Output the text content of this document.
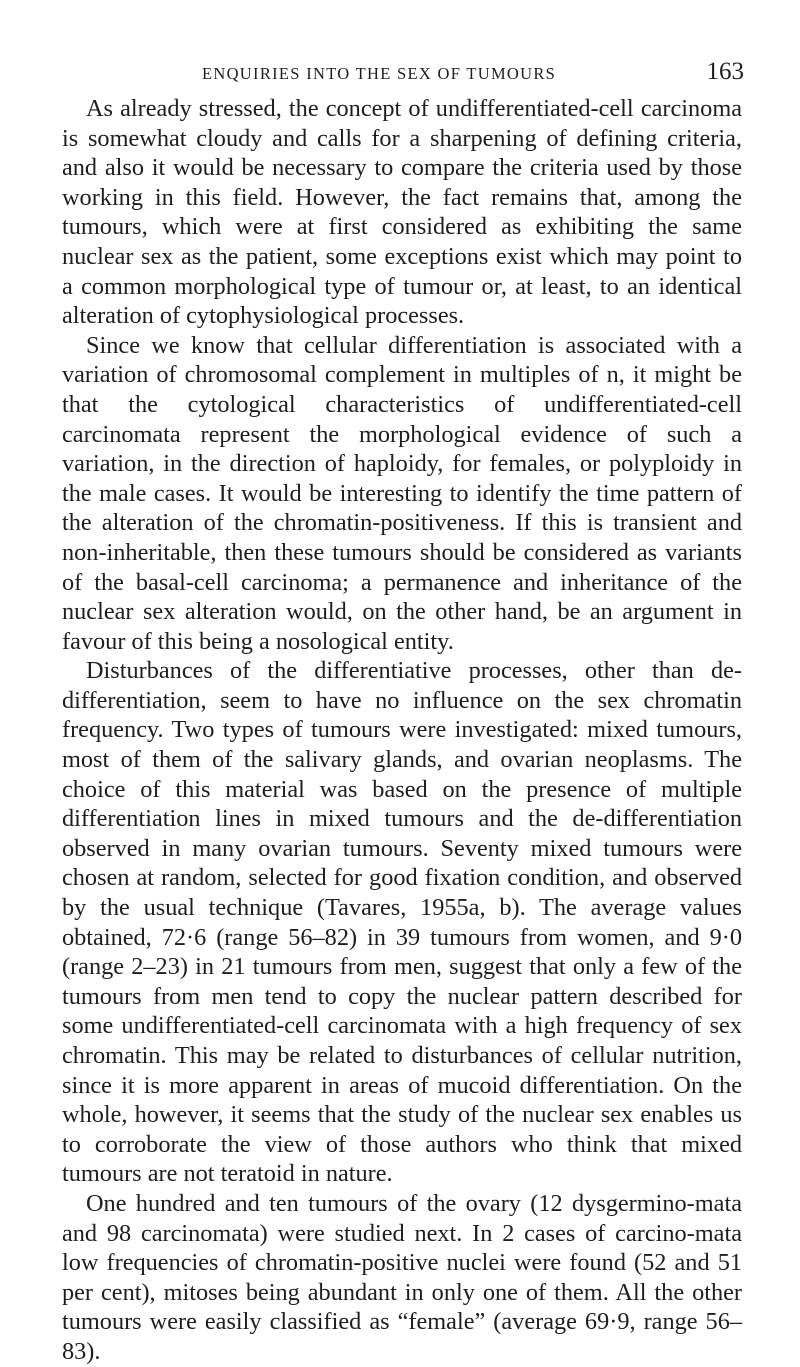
ENQUIRIES INTO THE SEX OF TUMOURS	163

As already stressed, the concept of undifferentiated-cell carcinoma is somewhat cloudy and calls for a sharpening of defining criteria, and also it would be necessary to compare the criteria used by those working in this field. However, the fact remains that, among the tumours, which were at first considered as exhibiting the same nuclear sex as the patient, some exceptions exist which may point to a common morphological type of tumour or, at least, to an identical alteration of cytophysiological processes.

Since we know that cellular differentiation is associated with a variation of chromosomal complement in multiples of n, it might be that the cytological characteristics of undifferentiated-cell carcinomata represent the morphological evidence of such a variation, in the direction of haploidy, for females, or polyploidy in the male cases. It would be interesting to identify the time pattern of the alteration of the chromatin-positiveness. If this is transient and non-inheritable, then these tumours should be considered as variants of the basal-cell carcinoma; a permanence and inheritance of the nuclear sex alteration would, on the other hand, be an argument in favour of this being a nosological entity.

Disturbances of the differentiative processes, other than de-differentiation, seem to have no influence on the sex chromatin frequency. Two types of tumours were investigated: mixed tumours, most of them of the salivary glands, and ovarian neoplasms. The choice of this material was based on the presence of multiple differentiation lines in mixed tumours and the de-differentiation observed in many ovarian tumours. Seventy mixed tumours were chosen at random, selected for good fixation condition, and observed by the usual technique (Tavares, 1955a, b). The average values obtained, 72·6 (range 56–82) in 39 tumours from women, and 9·0 (range 2–23) in 21 tumours from men, suggest that only a few of the tumours from men tend to copy the nuclear pattern described for some undifferentiated-cell carcinomata with a high frequency of sex chromatin. This may be related to disturbances of cellular nutrition, since it is more apparent in areas of mucoid differentiation. On the whole, however, it seems that the study of the nuclear sex enables us to corroborate the view of those authors who think that mixed tumours are not teratoid in nature.

One hundred and ten tumours of the ovary (12 dysgermino-mata and 98 carcinomata) were studied next. In 2 cases of carcino-mata low frequencies of chromatin-positive nuclei were found (52 and 51 per cent), mitoses being abundant in only one of them. All the other tumours were easily classified as “female” (average 69·9, range 56–83).
